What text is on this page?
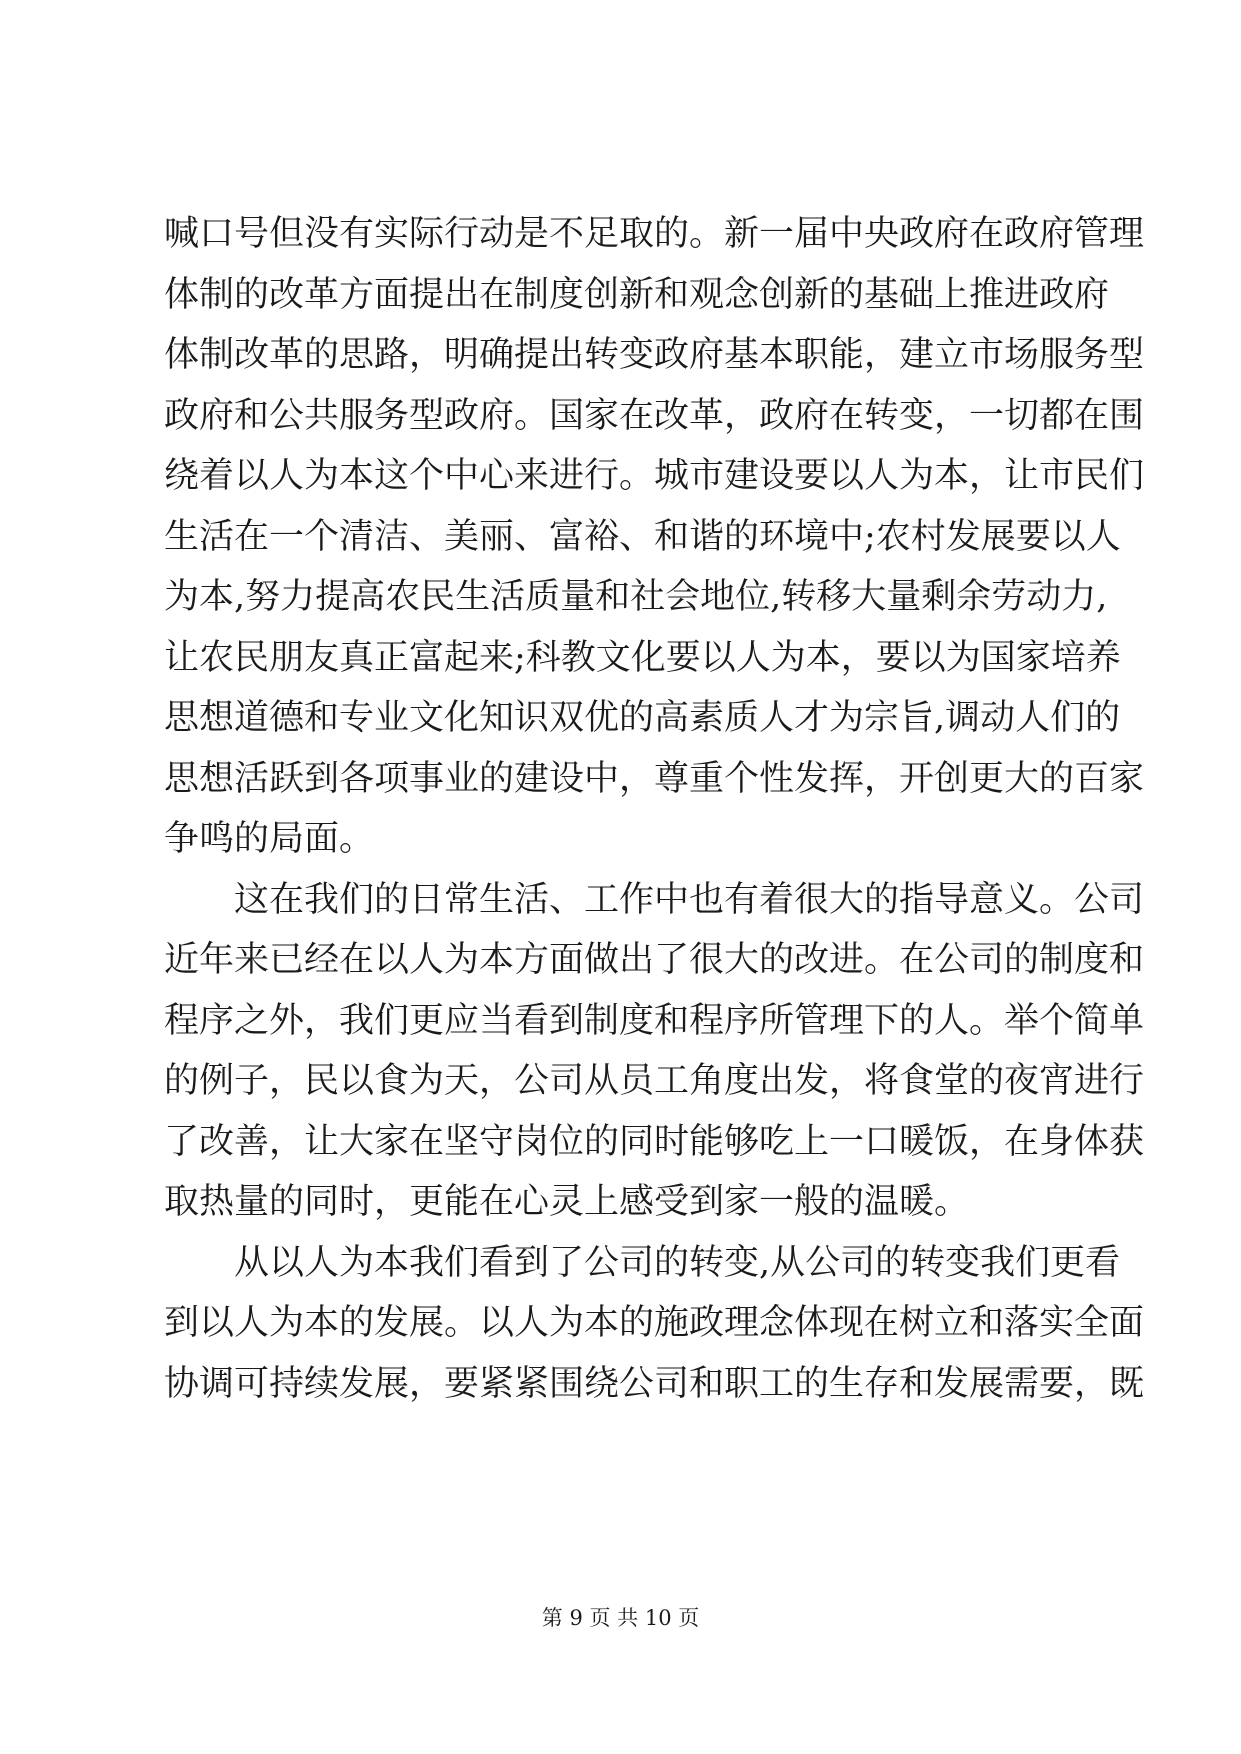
喊口号但没有实际行动是不足取的。新一届中央政府在政府管理
体制的改革方面提出在制度创新和观念创新的基础上推进政府
体制改革的思路，明确提出转变政府基本职能，建立市场服务型
政府和公共服务型政府。国家在改革，政府在转变，一切都在围
绕着以人为本这个中心来进行。城市建设要以人为本，让市民们
生活在一个清洁、美丽、富裕、和谐的环境中;农村发展要以人
为本,努力提高农民生活质量和社会地位,转移大量剩余劳动力,
让农民朋友真正富起来;科教文化要以人为本，要以为国家培养
思想道德和专业文化知识双优的高素质人才为宗旨,调动人们的
思想活跃到各项事业的建设中，尊重个性发挥，开创更大的百家
争鸣的局面。
这在我们的日常生活、工作中也有着很大的指导意义。公司
近年来已经在以人为本方面做出了很大的改进。在公司的制度和
程序之外，我们更应当看到制度和程序所管理下的人。举个简单
的例子，民以食为天，公司从员工角度出发，将食堂的夜宵进行
了改善，让大家在坚守岗位的同时能够吃上一口暖饭，在身体获
取热量的同时，更能在心灵上感受到家一般的温暖。
从以人为本我们看到了公司的转变,从公司的转变我们更看
到以人为本的发展。以人为本的施政理念体现在树立和落实全面
协调可持续发展，要紧紧围绕公司和职工的生存和发展需要，既
第 9 页 共 10 页
